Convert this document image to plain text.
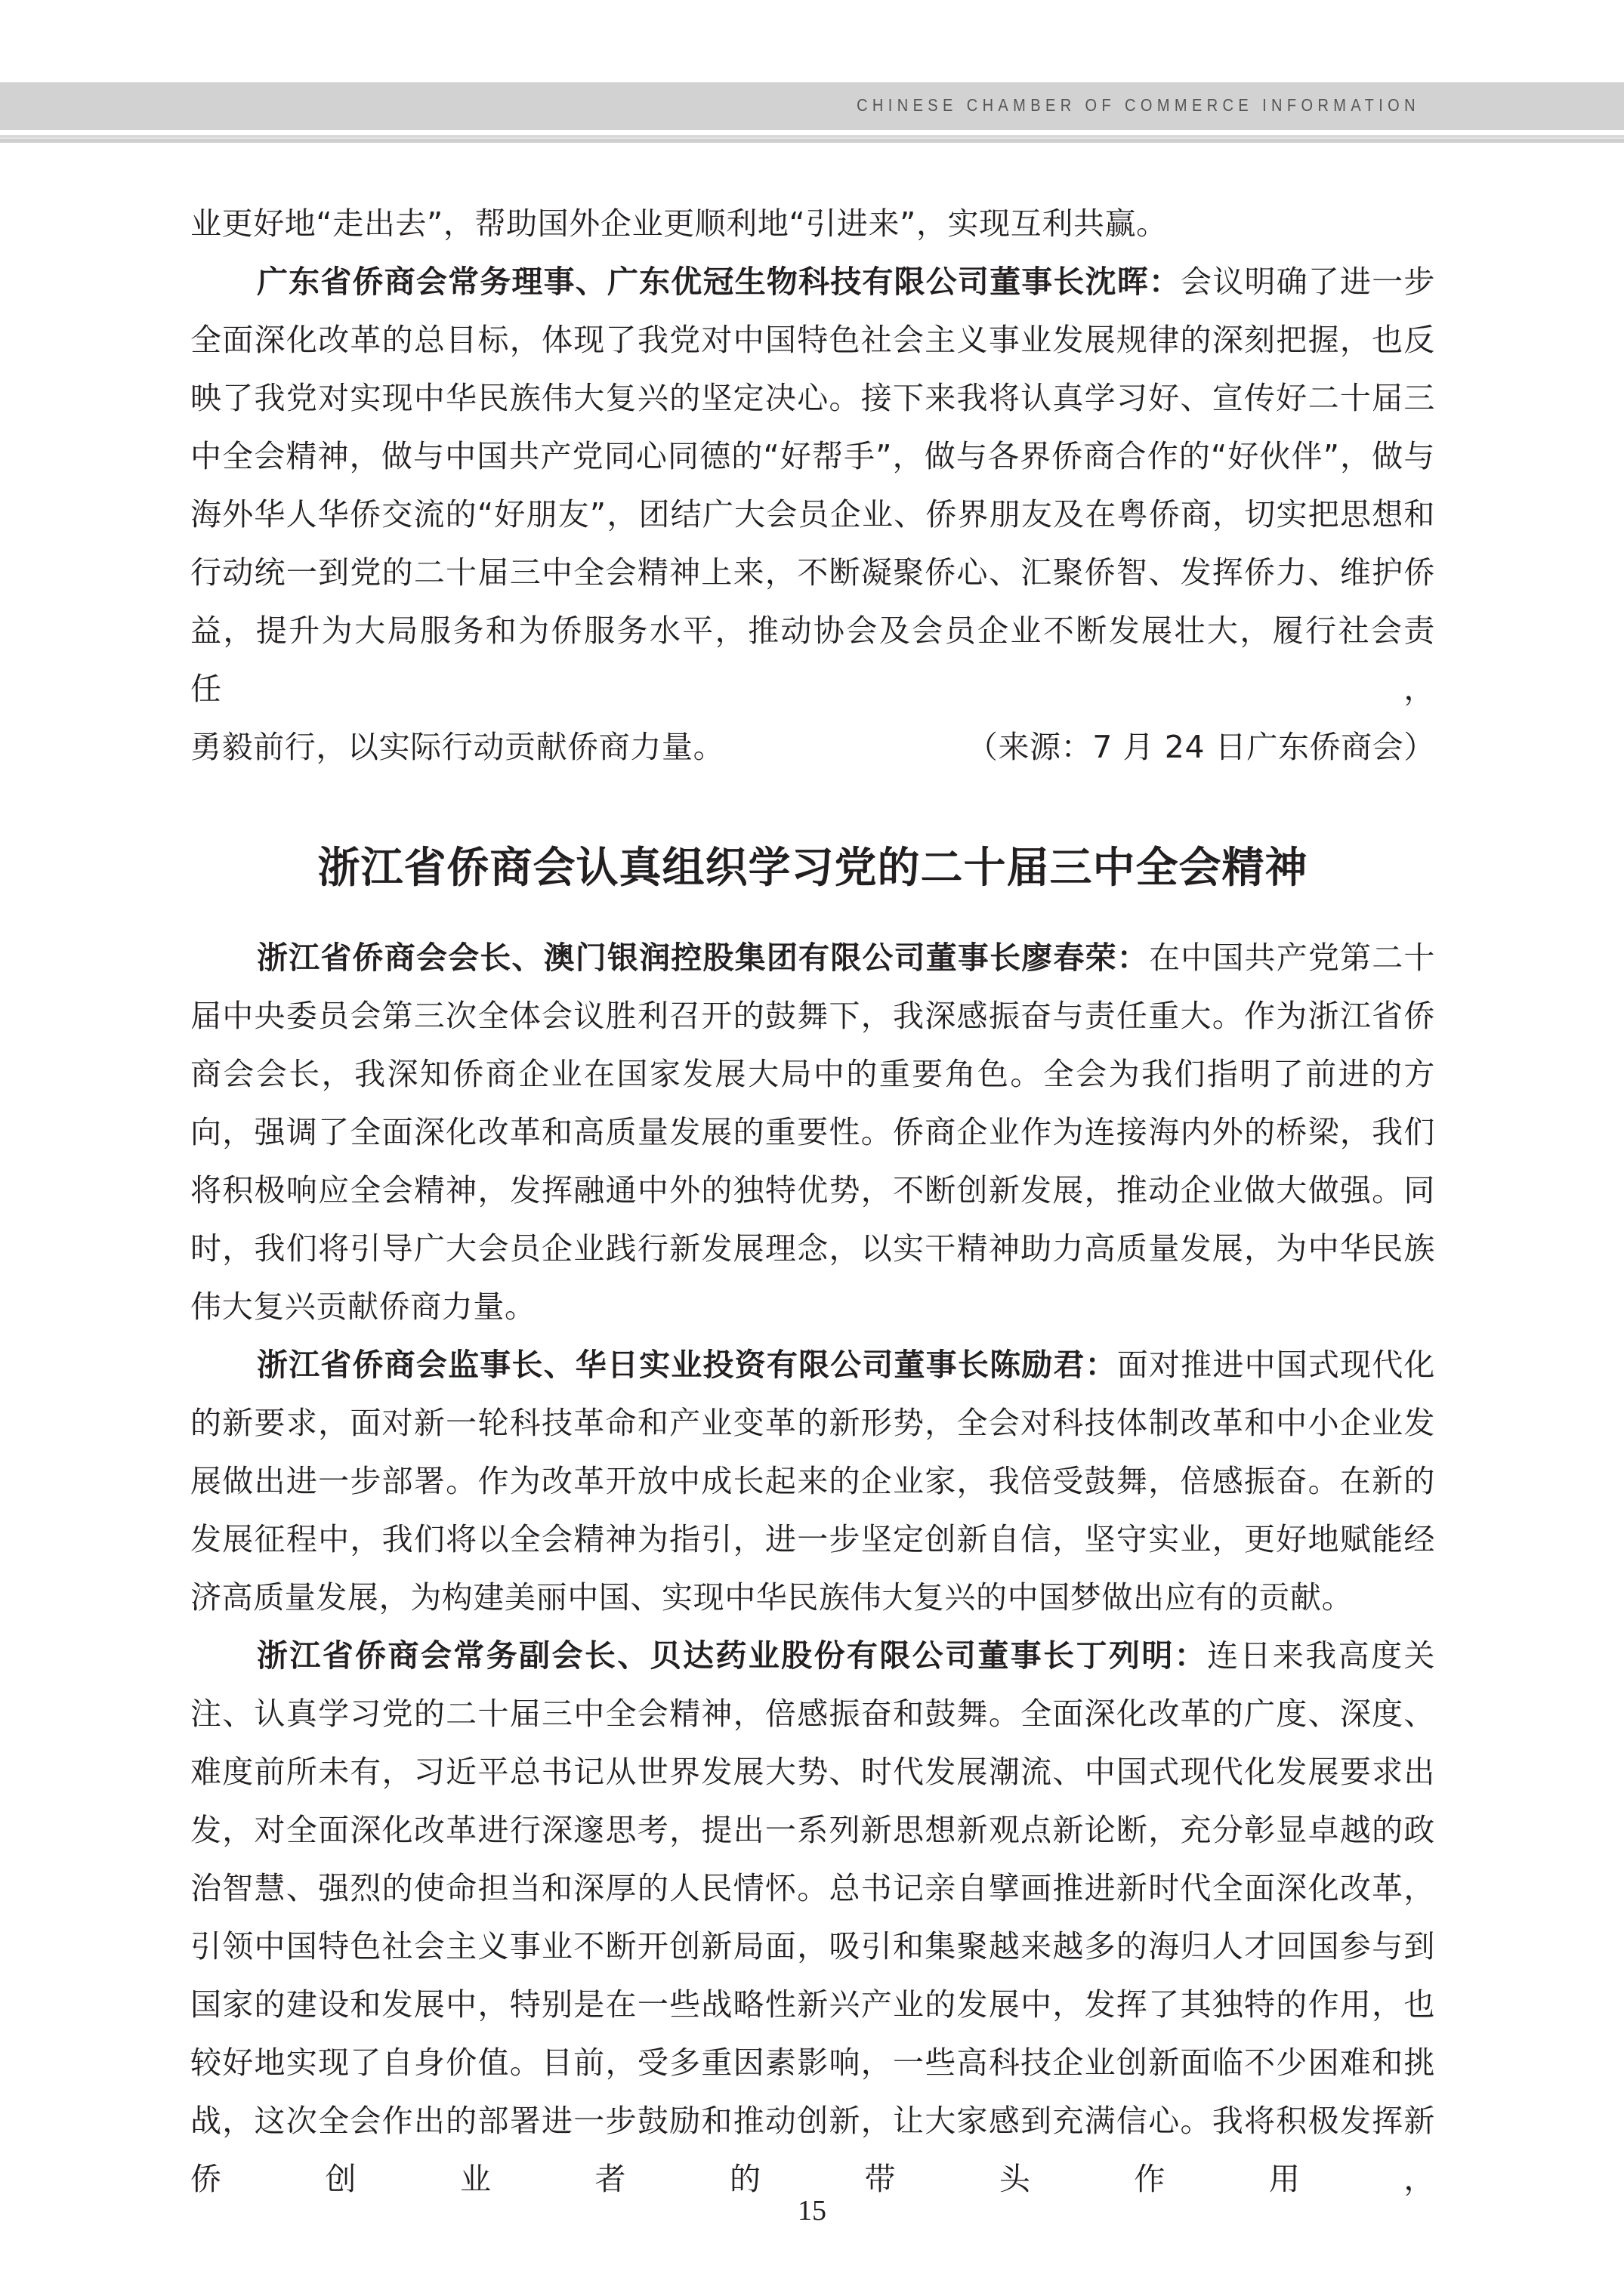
CHINESE CHAMBER OF COMMERCE INFORMATION

业更好地“走出去”，帮助国外企业更顺利地“引进来”，实现互利共赢。

广东省侨商会常务理事、广东优冠生物科技有限公司董事长沈晖：会议明确了进一步全面深化改革的总目标，体现了我党对中国特色社会主义事业发展规律的深刻把握，也反映了我党对实现中华民族伟大复兴的坚定决心。接下来我将认真学习好、宣传好二十届三中全会精神，做与中国共产党同心同德的“好帮手”，做与各界侨商合作的“好伙伴”，做与海外华人华侨交流的“好朋友”，团结广大会员企业、侨界朋友及在粤侨商，切实把思想和行动统一到党的二十届三中全会精神上来，不断凝聚侨心、汇聚侨智、发挥侨力、维护侨益，提升为大局服务和为侨服务水平，推动协会及会员企业不断发展壮大，履行社会责任，

勇毅前行，以实际行动贡献侨商力量。	（来源：7 月 24 日广东侨商会）
浙江省侨商会认真组织学习党的二十届三中全会精神

浙江省侨商会会长、澳门银润控股集团有限公司董事长廖春荣：在中国共产党第二十届中央委员会第三次全体会议胜利召开的鼓舞下，我深感振奋与责任重大。作为浙江省侨商会会长，我深知侨商企业在国家发展大局中的重要角色。全会为我们指明了前进的方向，强调了全面深化改革和高质量发展的重要性。侨商企业作为连接海内外的桥梁，我们将积极响应全会精神，发挥融通中外的独特优势，不断创新发展，推动企业做大做强。同时，我们将引导广大会员企业践行新发展理念，以实干精神助力高质量发展，为中华民族伟大复兴贡献侨商力量。

浙江省侨商会监事长、华日实业投资有限公司董事长陈励君：面对推进中国式现代化的新要求，面对新一轮科技革命和产业变革的新形势，全会对科技体制改革和中小企业发展做出进一步部署。作为改革开放中成长起来的企业家，我倍受鼓舞，倍感振奋。在新的发展征程中，我们将以全会精神为指引，进一步坚定创新自信，坚守实业，更好地赋能经济高质量发展，为构建美丽中国、实现中华民族伟大复兴的中国梦做出应有的贡献。

浙江省侨商会常务副会长、贝达药业股份有限公司董事长丁列明：连日来我高度关注、认真学习党的二十届三中全会精神，倍感振奋和鼓舞。全面深化改革的广度、深度、难度前所未有，习近平总书记从世界发展大势、时代发展潮流、中国式现代化发展要求出发，对全面深化改革进行深邃思考，提出一系列新思想新观点新论断，充分彰显卓越的政治智慧、强烈的使命担当和深厚的人民情怀。总书记亲自擘画推进新时代全面深化改革，引领中国特色社会主义事业不断开创新局面，吸引和集聚越来越多的海归人才回国参与到国家的建设和发展中，特别是在一些战略性新兴产业的发展中，发挥了其独特的作用，也较好地实现了自身价值。目前，受多重因素影响，一些高科技企业创新面临不少困难和挑战，这次全会作出的部署进一步鼓励和推动创新，让大家感到充满信心。我将积极发挥新侨创业者的带头作用，

15
